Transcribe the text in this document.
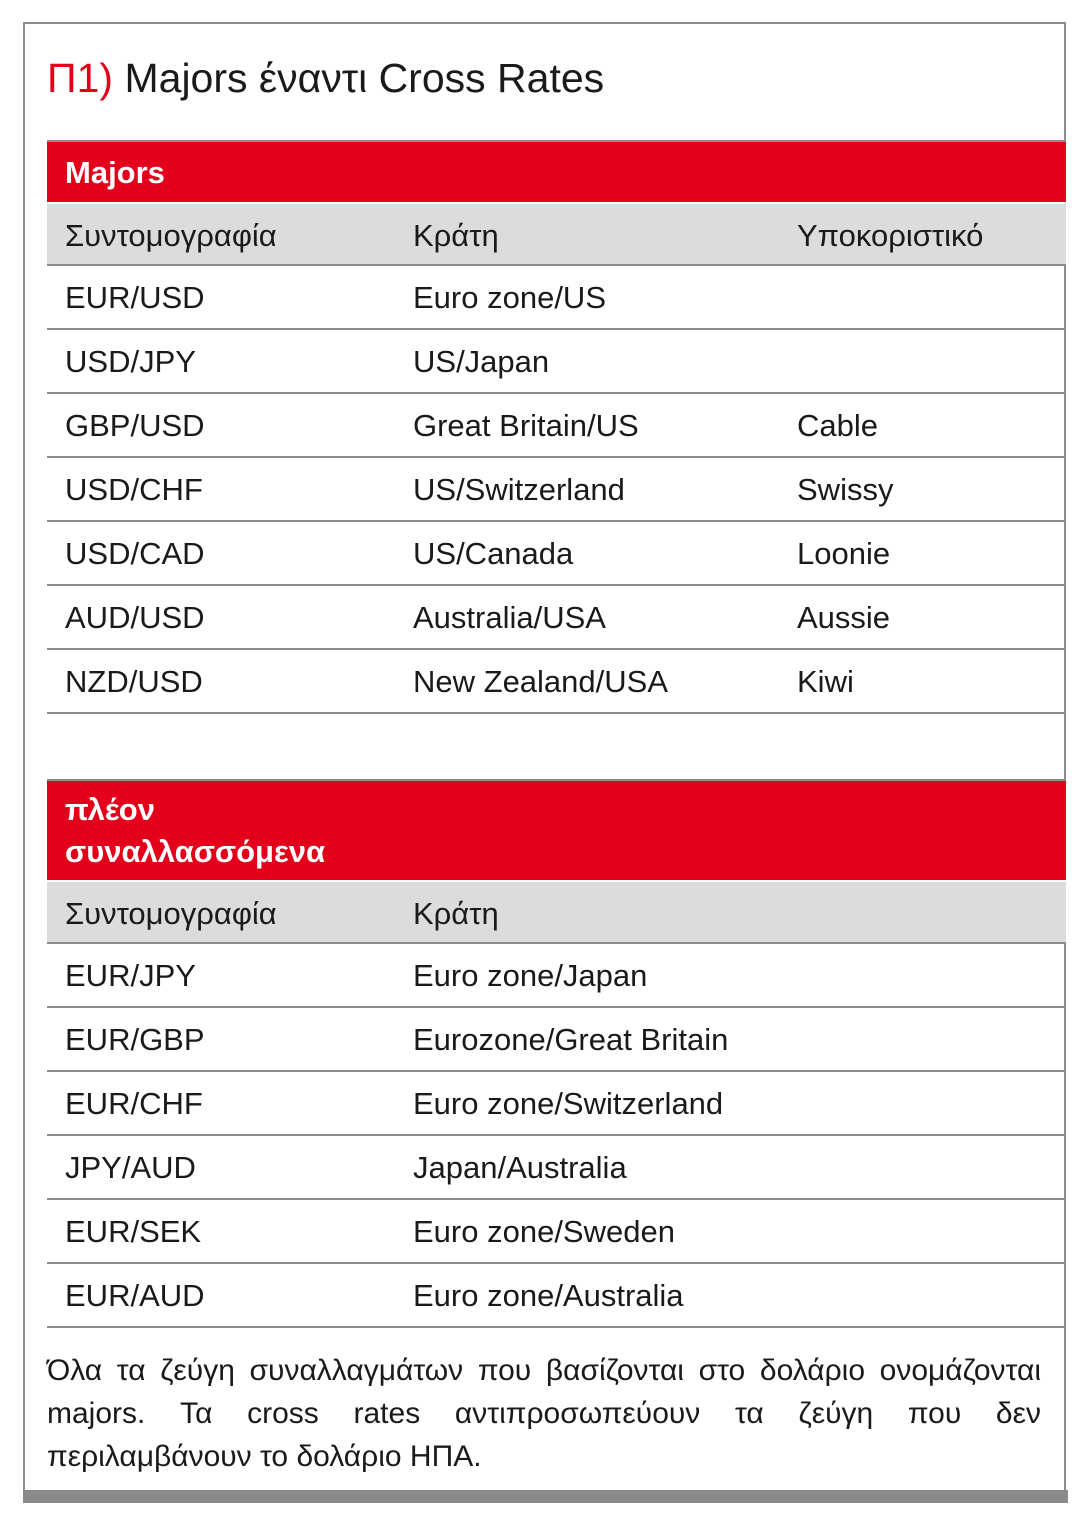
Π1) Majors έναντι Cross Rates
Majors
Συντομογραφία	Κράτη	Υποκοριστικό
EUR/USD	Euro zone/US
USD/JPY	US/Japan
GBP/USD	Great Britain/US	Cable
USD/CHF	US/Switzerland	Swissy
USD/CAD	US/Canada	Loonie
AUD/USD	Australia/USA	Aussie
NZD/USD	New Zealand/USA	Kiwi
πλέον
συναλλασσόμενα
Συντομογραφία	Κράτη
EUR/JPY	Euro zone/Japan
EUR/GBP	Eurozone/Great Britain
EUR/CHF	Euro zone/Switzerland
JPY/AUD	Japan/Australia
EUR/SEK	Euro zone/Sweden
EUR/AUD	Euro zone/Australia
Όλα τα ζεύγη συναλλαγμάτων που βασίζονται στο δολάριο ονομάζονται majors. Τα cross rates αντιπροσωπεύουν τα ζεύγη που δεν περιλαμβάνουν το δολάριο ΗΠΑ.
